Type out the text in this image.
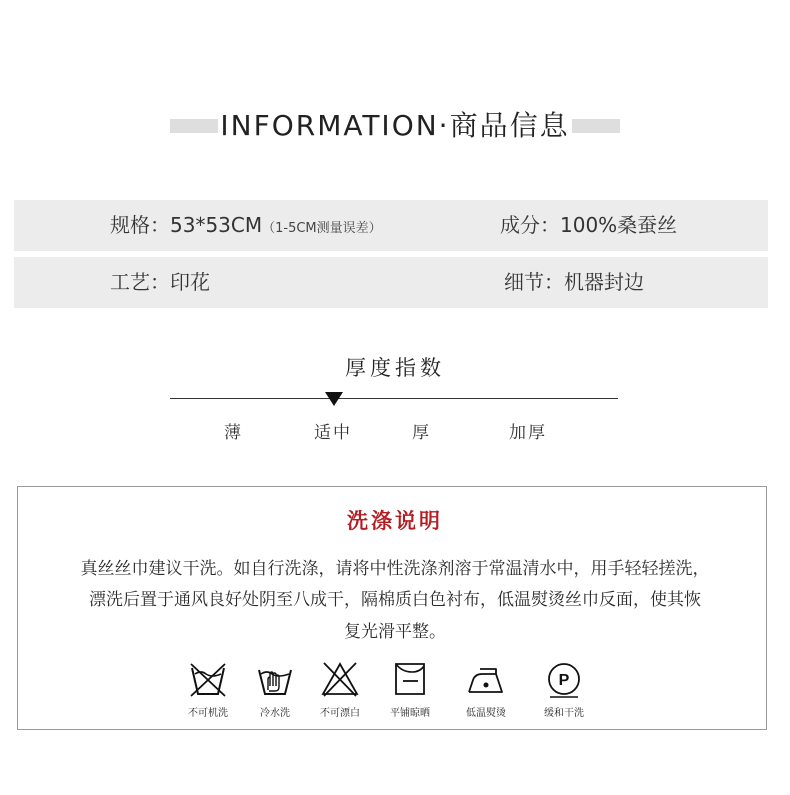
INFORMATION·商品信息
规格：53*53CM（1-5CM测量误差）	成分：100%桑蚕丝
工艺：印花	细节：机器封边
厚度指数
薄	适中	厚	加厚
洗涤说明
真丝丝巾建议干洗。如自行洗涤，请将中性洗涤剂溶于常温清水中，用手轻轻搓洗，
漂洗后置于通风良好处阴至八成干，隔棉质白色衬布，低温熨烫丝巾反面，使其恢
复光滑平整。
不可机洗	冷水洗	不可漂白	平铺晾晒	低温熨烫
P
缓和干洗
